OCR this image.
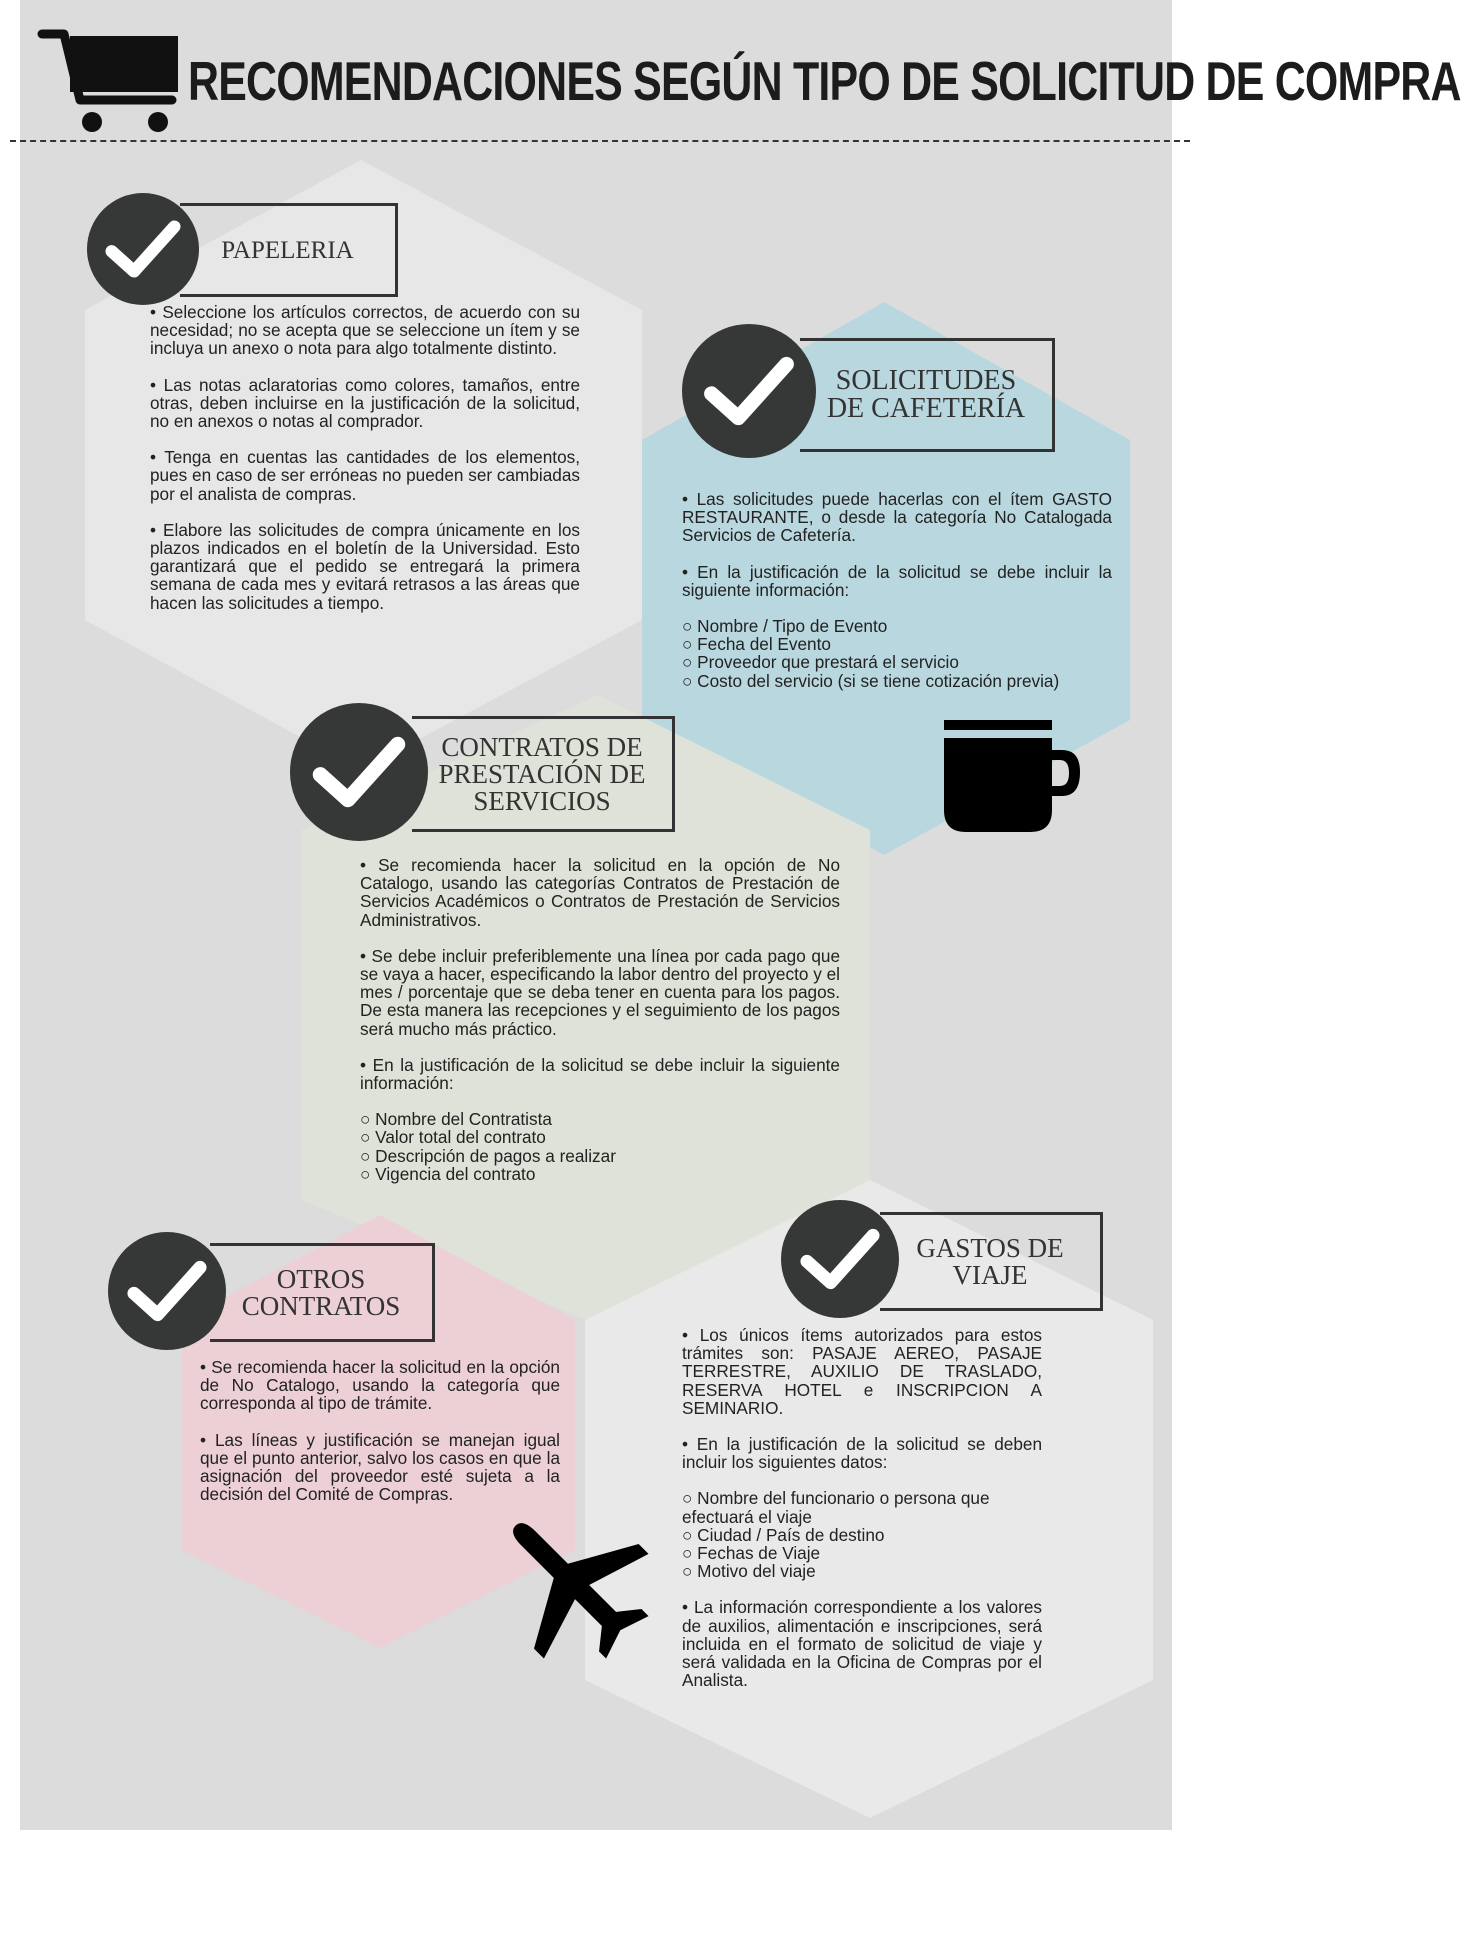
RECOMENDACIONES SEGÚN TIPO DE SOLICITUD DE COMPRA
PAPELERIA

• Seleccione los artículos correctos, de acuerdo con su necesidad; no se acepta que se seleccione un ítem y se incluya un anexo o nota para algo totalmente distinto.

• Las notas aclaratorias como colores, tamaños, entre otras, deben incluirse en la justificación de la solicitud, no en anexos o notas al comprador.

• Tenga en cuentas las cantidades de los elementos, pues en caso de ser erróneas no pueden ser cambiadas por el analista de compras.

• Elabore las solicitudes de compra únicamente en los plazos indicados en el boletín de la Universidad. Esto garantizará que el pedido se entregará la primera semana de cada mes y evitará retrasos a las áreas que hacen las solicitudes a tiempo.

SOLICITUDES
DE CAFETERÍA

• Las solicitudes puede hacerlas con el ítem GASTO RESTAURANTE, o desde la categoría No Catalogada Servicios de Cafetería.

• En la justificación de la solicitud se debe incluir la siguiente información:

○ Nombre / Tipo de Evento
○ Fecha del Evento
○ Proveedor que prestará el servicio
○ Costo del servicio (si se tiene cotización previa)
CONTRATOS DE
PRESTACIÓN DE
SERVICIOS

• Se recomienda hacer la solicitud en la opción de No Catalogo, usando las categorías Contratos de Prestación de Servicios Académicos o Contratos de Prestación de Servicios Administrativos.

• Se debe incluir preferiblemente una línea por cada pago que se vaya a hacer, especificando la labor dentro del proyecto y el mes / porcentaje que se deba tener en cuenta para los pagos. De esta manera las recepciones y el seguimiento de los pagos será mucho más práctico.

• En la justificación de la solicitud se debe incluir la siguiente información:

○ Nombre del Contratista
○ Valor total del contrato
○ Descripción de pagos a realizar
○ Vigencia del contrato
OTROS
CONTRATOS

• Se recomienda hacer la solicitud en la opción de No Catalogo, usando la categoría que corresponda al tipo de trámite.

• Las líneas y justificación se manejan igual que el punto anterior, salvo los casos en que la asignación del proveedor esté sujeta a la decisión del Comité de Compras.

GASTOS DE
VIAJE

• Los únicos ítems autorizados para estos trámites son: PASAJE AEREO, PASAJE TERRESTRE, AUXILIO DE TRASLADO, RESERVA HOTEL e INSCRIPCION A SEMINARIO.

• En la justificación de la solicitud se deben incluir los siguientes datos:

○ Nombre del funcionario o persona que efectuará el viaje
○ Ciudad / País de destino
○ Fechas de Viaje
○ Motivo del viaje

• La información correspondiente a los valores de auxilios, alimentación e inscripciones, será incluida en el formato de solicitud de viaje y será validada en la Oficina de Compras por el Analista.
